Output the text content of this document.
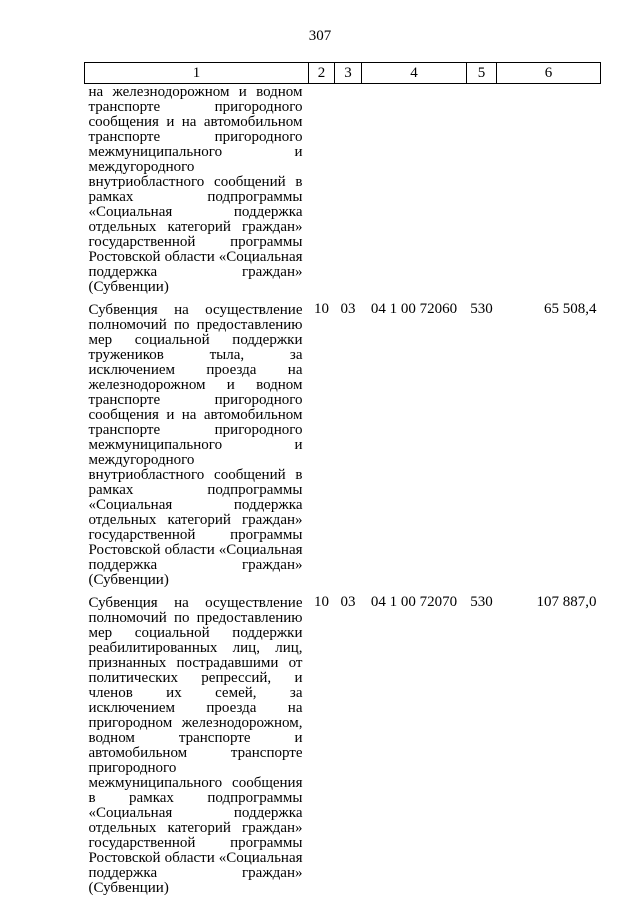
307
1	2	3	4	5	6
на железнодорожном и водном транспорте пригородного сообщения и на автомобильном транспорте пригородного межмуниципального и междугородного внутриобластного сообщений в рамках подпрограммы «Социальная поддержка отдельных категорий граждан» государственной программы Ростовской области «Социальная поддержка граждан» (Субвенции)					
Субвенция на осуществление полномочий по предоставлению мер социальной поддержки тружеников тыла, за исключением проезда на железнодорожном и водном транспорте пригородного сообщения и на автомобильном транспорте пригородного межмуниципального и междугородного внутриобластного сообщений в рамках подпрограммы «Социальная поддержка отдельных категорий граждан» государственной программы Ростовской области «Социальная поддержка граждан» (Субвенции)	10	03	04 1 00 72060	530	65 508,4
Субвенция на осуществление полномочий по предоставлению мер социальной поддержки реабилитированных лиц, лиц, признанных пострадавшими от политических репрессий, и членов их семей, за исключением проезда на пригородном железнодорожном, водном транспорте и автомобильном транспорте пригородного межмуниципального сообщения в рамках подпрограммы «Социальная поддержка отдельных категорий граждан» государственной программы Ростовской области «Социальная поддержка граждан» (Субвенции)	10	03	04 1 00 72070	530	107 887,0
